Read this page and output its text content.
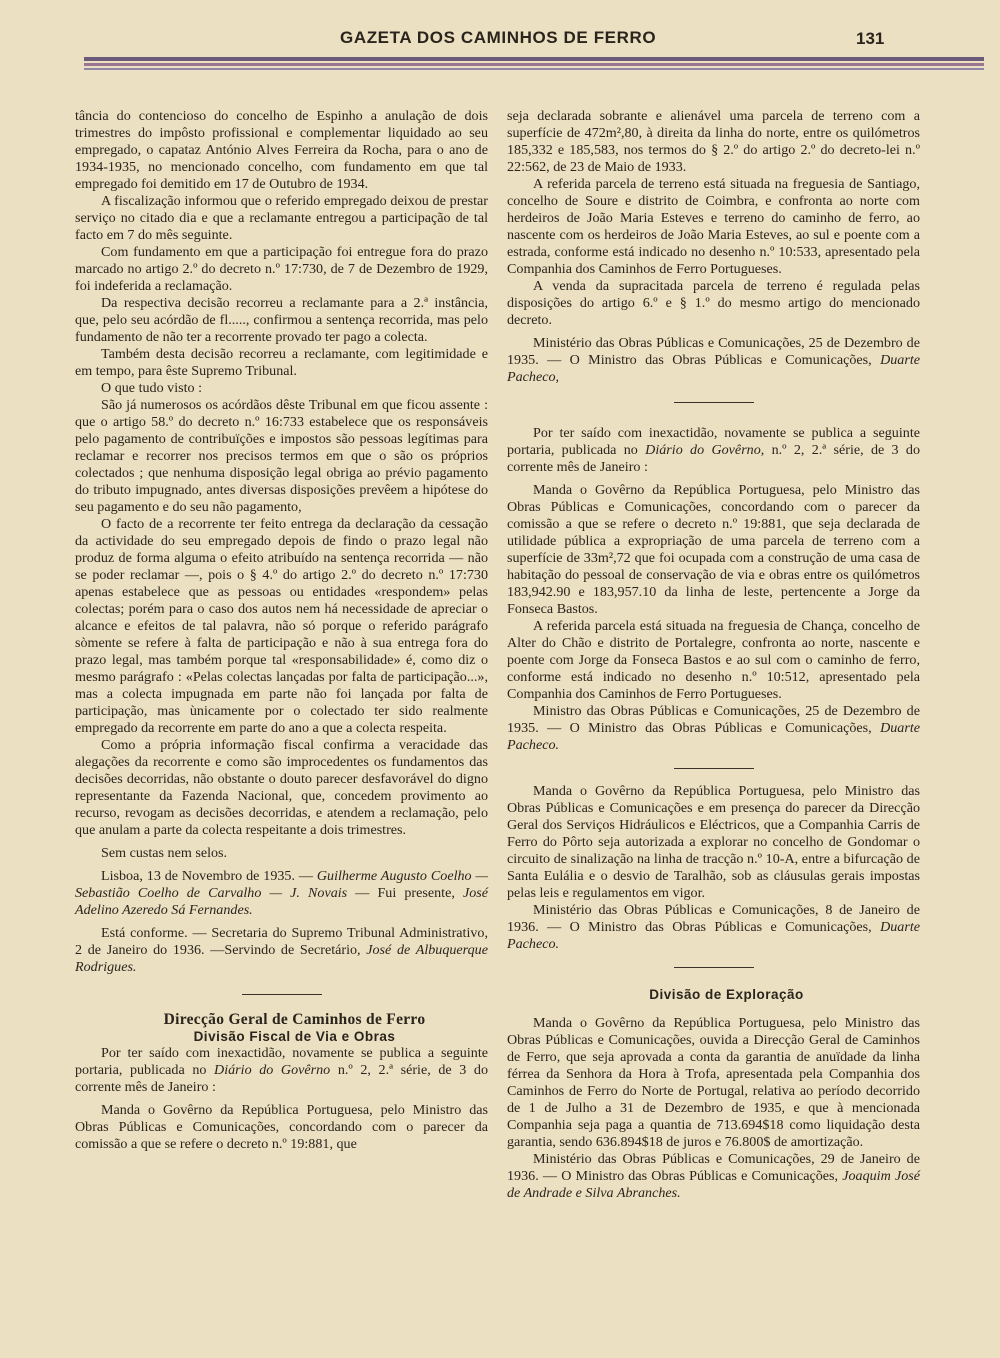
GAZETA DOS CAMINHOS DE FERRO	131

tância do contencioso do concelho de Espinho a anulação de dois trimestres do impôsto profissional e complementar liquidado ao seu empregado, o capataz António Alves Ferreira da Rocha, para o ano de 1934-1935, no mencionado concelho, com fundamento em que tal empregado foi demitido em 17 de Outubro de 1934.

A fiscalização informou que o referido empregado deixou de prestar serviço no citado dia e que a reclamante entregou a participação de tal facto em 7 do mês seguinte.

Com fundamento em que a participação foi entregue fora do prazo marcado no artigo 2.º do decreto n.º 17:730, de 7 de Dezembro de 1929, foi indeferida a reclamação.

Da respectiva decisão recorreu a reclamante para a 2.ª instância, que, pelo seu acórdão de fl....., confirmou a sentença recorrida, mas pelo fundamento de não ter a recorrente provado ter pago a colecta.

Também desta decisão recorreu a reclamante, com legitimidade e em tempo, para êste Supremo Tribunal.

O que tudo visto :

São já numerosos os acórdãos dêste Tribunal em que ficou assente : que o artigo 58.º do decreto n.º 16:733 estabelece que os responsáveis pelo pagamento de contribuïções e impostos são pessoas legítimas para reclamar e recorrer nos precisos termos em que o são os próprios colectados ; que nenhuma disposição legal obriga ao prévio pagamento do tributo impugnado, antes diversas disposições prevêem a hipótese do seu pagamento e do seu não pagamento,

O facto de a recorrente ter feito entrega da declaração da cessação da actividade do seu empregado depois de findo o prazo legal não produz de forma alguma o efeito atribuído na sentença recorrida — não se poder reclamar —, pois o § 4.º do artigo 2.º do decreto n.º 17:730 apenas estabelece que as pessoas ou entidades «respondem» pelas colectas; porém para o caso dos autos nem há necessidade de apreciar o alcance e efeitos de tal palavra, não só porque o referido parágrafo sòmente se refere à falta de participação e não à sua entrega fora do prazo legal, mas também porque tal «responsabilidade» é, como diz o mesmo parágrafo : «Pelas colectas lançadas por falta de participação...», mas a colecta impugnada em parte não foi lançada por falta de participação, mas ùnicamente por o colectado ter sido realmente empregado da recorrente em parte do ano a que a colecta respeita.

Como a própria informação fiscal confirma a veracidade das alegações da recorrente e como são improcedentes os fundamentos das decisões decorridas, não obstante o douto parecer desfavorável do digno representante da Fazenda Nacional, que, concedem provimento ao recurso, revogam as decisões decorridas, e atendem a reclamação, pelo que anulam a parte da colecta respeitante a dois trimestres.

Sem custas nem selos.

Lisboa, 13 de Novembro de 1935. — Guilherme Augusto Coelho — Sebastião Coelho de Carvalho — J. Novais — Fui presente, José Adelino Azeredo Sá Fernandes.

Está conforme. — Secretaria do Supremo Tribunal Administrativo, 2 de Janeiro do 1936. —Servindo de Secretário, José de Albuquerque Rodrigues.

Direcção Geral de Caminhos de Ferro

Divisão Fiscal de Via e Obras

Por ter saído com inexactidão, novamente se publica a seguinte portaria, publicada no Diário do Govêrno n.º 2, 2.ª série, de 3 do corrente mês de Janeiro :

Manda o Govêrno da República Portuguesa, pelo Ministro das Obras Públicas e Comunicações, concordando com o parecer da comissão a que se refere o decreto n.º 19:881, que

seja declarada sobrante e alienável uma parcela de terreno com a superfície de 472m²,80, à direita da linha do norte, entre os quilómetros 185,332 e 185,583, nos termos do § 2.º do artigo 2.º do decreto-lei n.º 22:562, de 23 de Maio de 1933.

A referida parcela de terreno está situada na freguesia de Santiago, concelho de Soure e distrito de Coimbra, e confronta ao norte com herdeiros de João Maria Esteves e terreno do caminho de ferro, ao nascente com os herdeiros de João Maria Esteves, ao sul e poente com a estrada, conforme está indicado no desenho n.º 10:533, apresentado pela Companhia dos Caminhos de Ferro Portugueses.

A venda da supracitada parcela de terreno é regulada pelas disposições do artigo 6.º e § 1.º do mesmo artigo do mencionado decreto.

Ministério das Obras Públicas e Comunicações, 25 de Dezembro de 1935. — O Ministro das Obras Públicas e Comunicações, Duarte Pacheco,

Por ter saído com inexactidão, novamente se publica a seguinte portaria, publicada no Diário do Govêrno, n.º 2, 2.ª série, de 3 do corrente mês de Janeiro :

Manda o Govêrno da República Portuguesa, pelo Ministro das Obras Públicas e Comunicações, concordando com o parecer da comissão a que se refere o decreto n.º 19:881, que seja declarada de utilidade pública a expropriação de uma parcela de terreno com a superfície de 33m²,72 que foi ocupada com a construção de uma casa de habitação do pessoal de conservação de via e obras entre os quilómetros 183,942.90 e 183,957.10 da linha de leste, pertencente a Jorge da Fonseca Bastos.

A referida parcela está situada na freguesia de Chança, concelho de Alter do Chão e distrito de Portalegre, confronta ao norte, nascente e poente com Jorge da Fonseca Bastos e ao sul com o caminho de ferro, conforme está indicado no desenho n.º 10:512, apresentado pela Companhia dos Caminhos de Ferro Portugueses.

Ministro das Obras Públicas e Comunicações, 25 de Dezembro de 1935. — O Ministro das Obras Públicas e Comunicações, Duarte Pacheco.

Manda o Govêrno da República Portuguesa, pelo Ministro das Obras Públicas e Comunicações e em presença do parecer da Direcção Geral dos Serviços Hidráulicos e Eléctricos, que a Companhia Carris de Ferro do Pôrto seja autorizada a explorar no concelho de Gondomar o circuito de sinalização na linha de tracção n.º 10-A, entre a bifurcação de Santa Eulália e o desvio de Taralhão, sob as cláusulas gerais impostas pelas leis e regulamentos em vigor.

Ministério das Obras Públicas e Comunicações, 8 de Janeiro de 1936. — O Ministro das Obras Públicas e Comunicações, Duarte Pacheco.

Divisão de Exploração

Manda o Govêrno da República Portuguesa, pelo Ministro das Obras Públicas e Comunicações, ouvida a Direcção Geral de Caminhos de Ferro, que seja aprovada a conta da garantia de anuïdade da linha férrea da Senhora da Hora à Trofa, apresentada pela Companhia dos Caminhos de Ferro do Norte de Portugal, relativa ao período decorrido de 1 de Julho a 31 de Dezembro de 1935, e que à mencionada Companhia seja paga a quantia de 713.694$18 como liquidação desta garantia, sendo 636.894$18 de juros e 76.800$ de amortização.

Ministério das Obras Públicas e Comunicações, 29 de Janeiro de 1936. — O Ministro das Obras Públicas e Comunicações, Joaquim José de Andrade e Silva Abranches.
